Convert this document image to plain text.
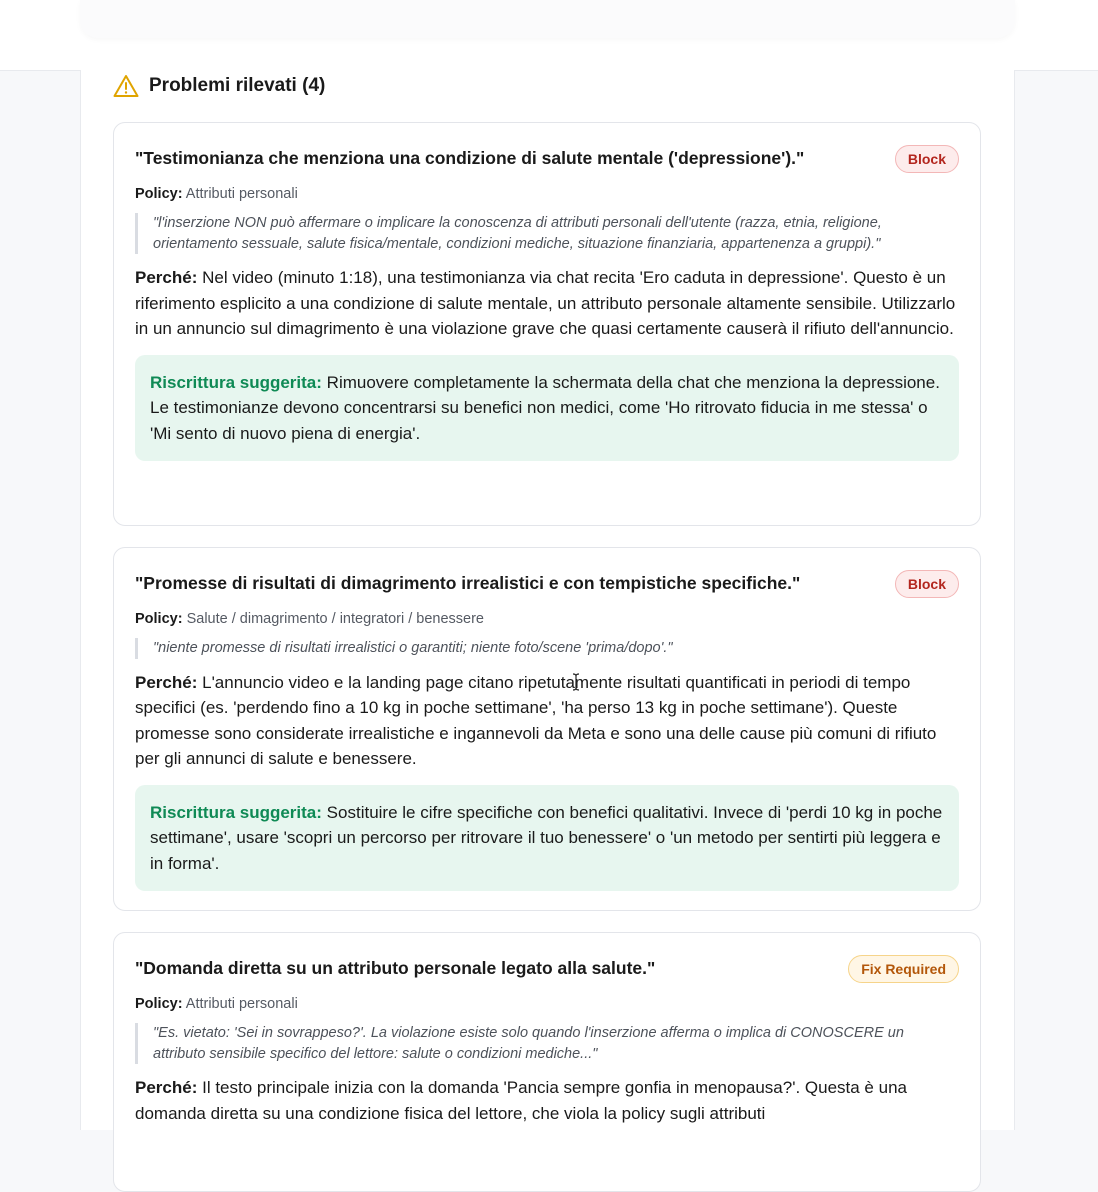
Problemi rilevati (4)
"Testimonianza che menziona una condizione di salute mentale ('depressione')."	Block
Policy: Attributi personali
"l'inserzione NON può affermare o implicare la conoscenza di attributi personali dell'utente (razza, etnia, religione, orientamento sessuale, salute fisica/mentale, condizioni mediche, situazione finanziaria, appartenenza a gruppi)."
Perché: Nel video (minuto 1:18), una testimonianza via chat recita 'Ero caduta in depressione'. Questo è un riferimento esplicito a una condizione di salute mentale, un attributo personale altamente sensibile. Utilizzarlo in un annuncio sul dimagrimento è una violazione grave che quasi certamente causerà il rifiuto dell'annuncio.
Riscrittura suggerita: Rimuovere completamente la schermata della chat che menziona la depressione. Le testimonianze devono concentrarsi su benefici non medici, come 'Ho ritrovato fiducia in me stessa' o 'Mi sento di nuovo piena di energia'.
"Promesse di risultati di dimagrimento irrealistici e con tempistiche specifiche."	Block
Policy: Salute / dimagrimento / integratori / benessere
"niente promesse di risultati irrealistici o garantiti; niente foto/scene 'prima/dopo'."
Perché: L'annuncio video e la landing page citano ripetutamente risultati quantificati in periodi di tempo specifici (es. 'perdendo fino a 10 kg in poche settimane', 'ha perso 13 kg in poche settimane'). Queste promesse sono considerate irrealistiche e ingannevoli da Meta e sono una delle cause più comuni di rifiuto per gli annunci di salute e benessere.
Riscrittura suggerita: Sostituire le cifre specifiche con benefici qualitativi. Invece di 'perdi 10 kg in poche settimane', usare 'scopri un percorso per ritrovare il tuo benessere' o 'un metodo per sentirti più leggera e in forma'.
"Domanda diretta su un attributo personale legato alla salute."	Fix Required
Policy: Attributi personali
"Es. vietato: 'Sei in sovrappeso?'. La violazione esiste solo quando l'inserzione afferma o implica di CONOSCERE un attributo sensibile specifico del lettore: salute o condizioni mediche..."
Perché: Il testo principale inizia con la domanda 'Pancia sempre gonfia in menopausa?'. Questa è una domanda diretta su una condizione fisica del lettore, che viola la policy sugli attributi
